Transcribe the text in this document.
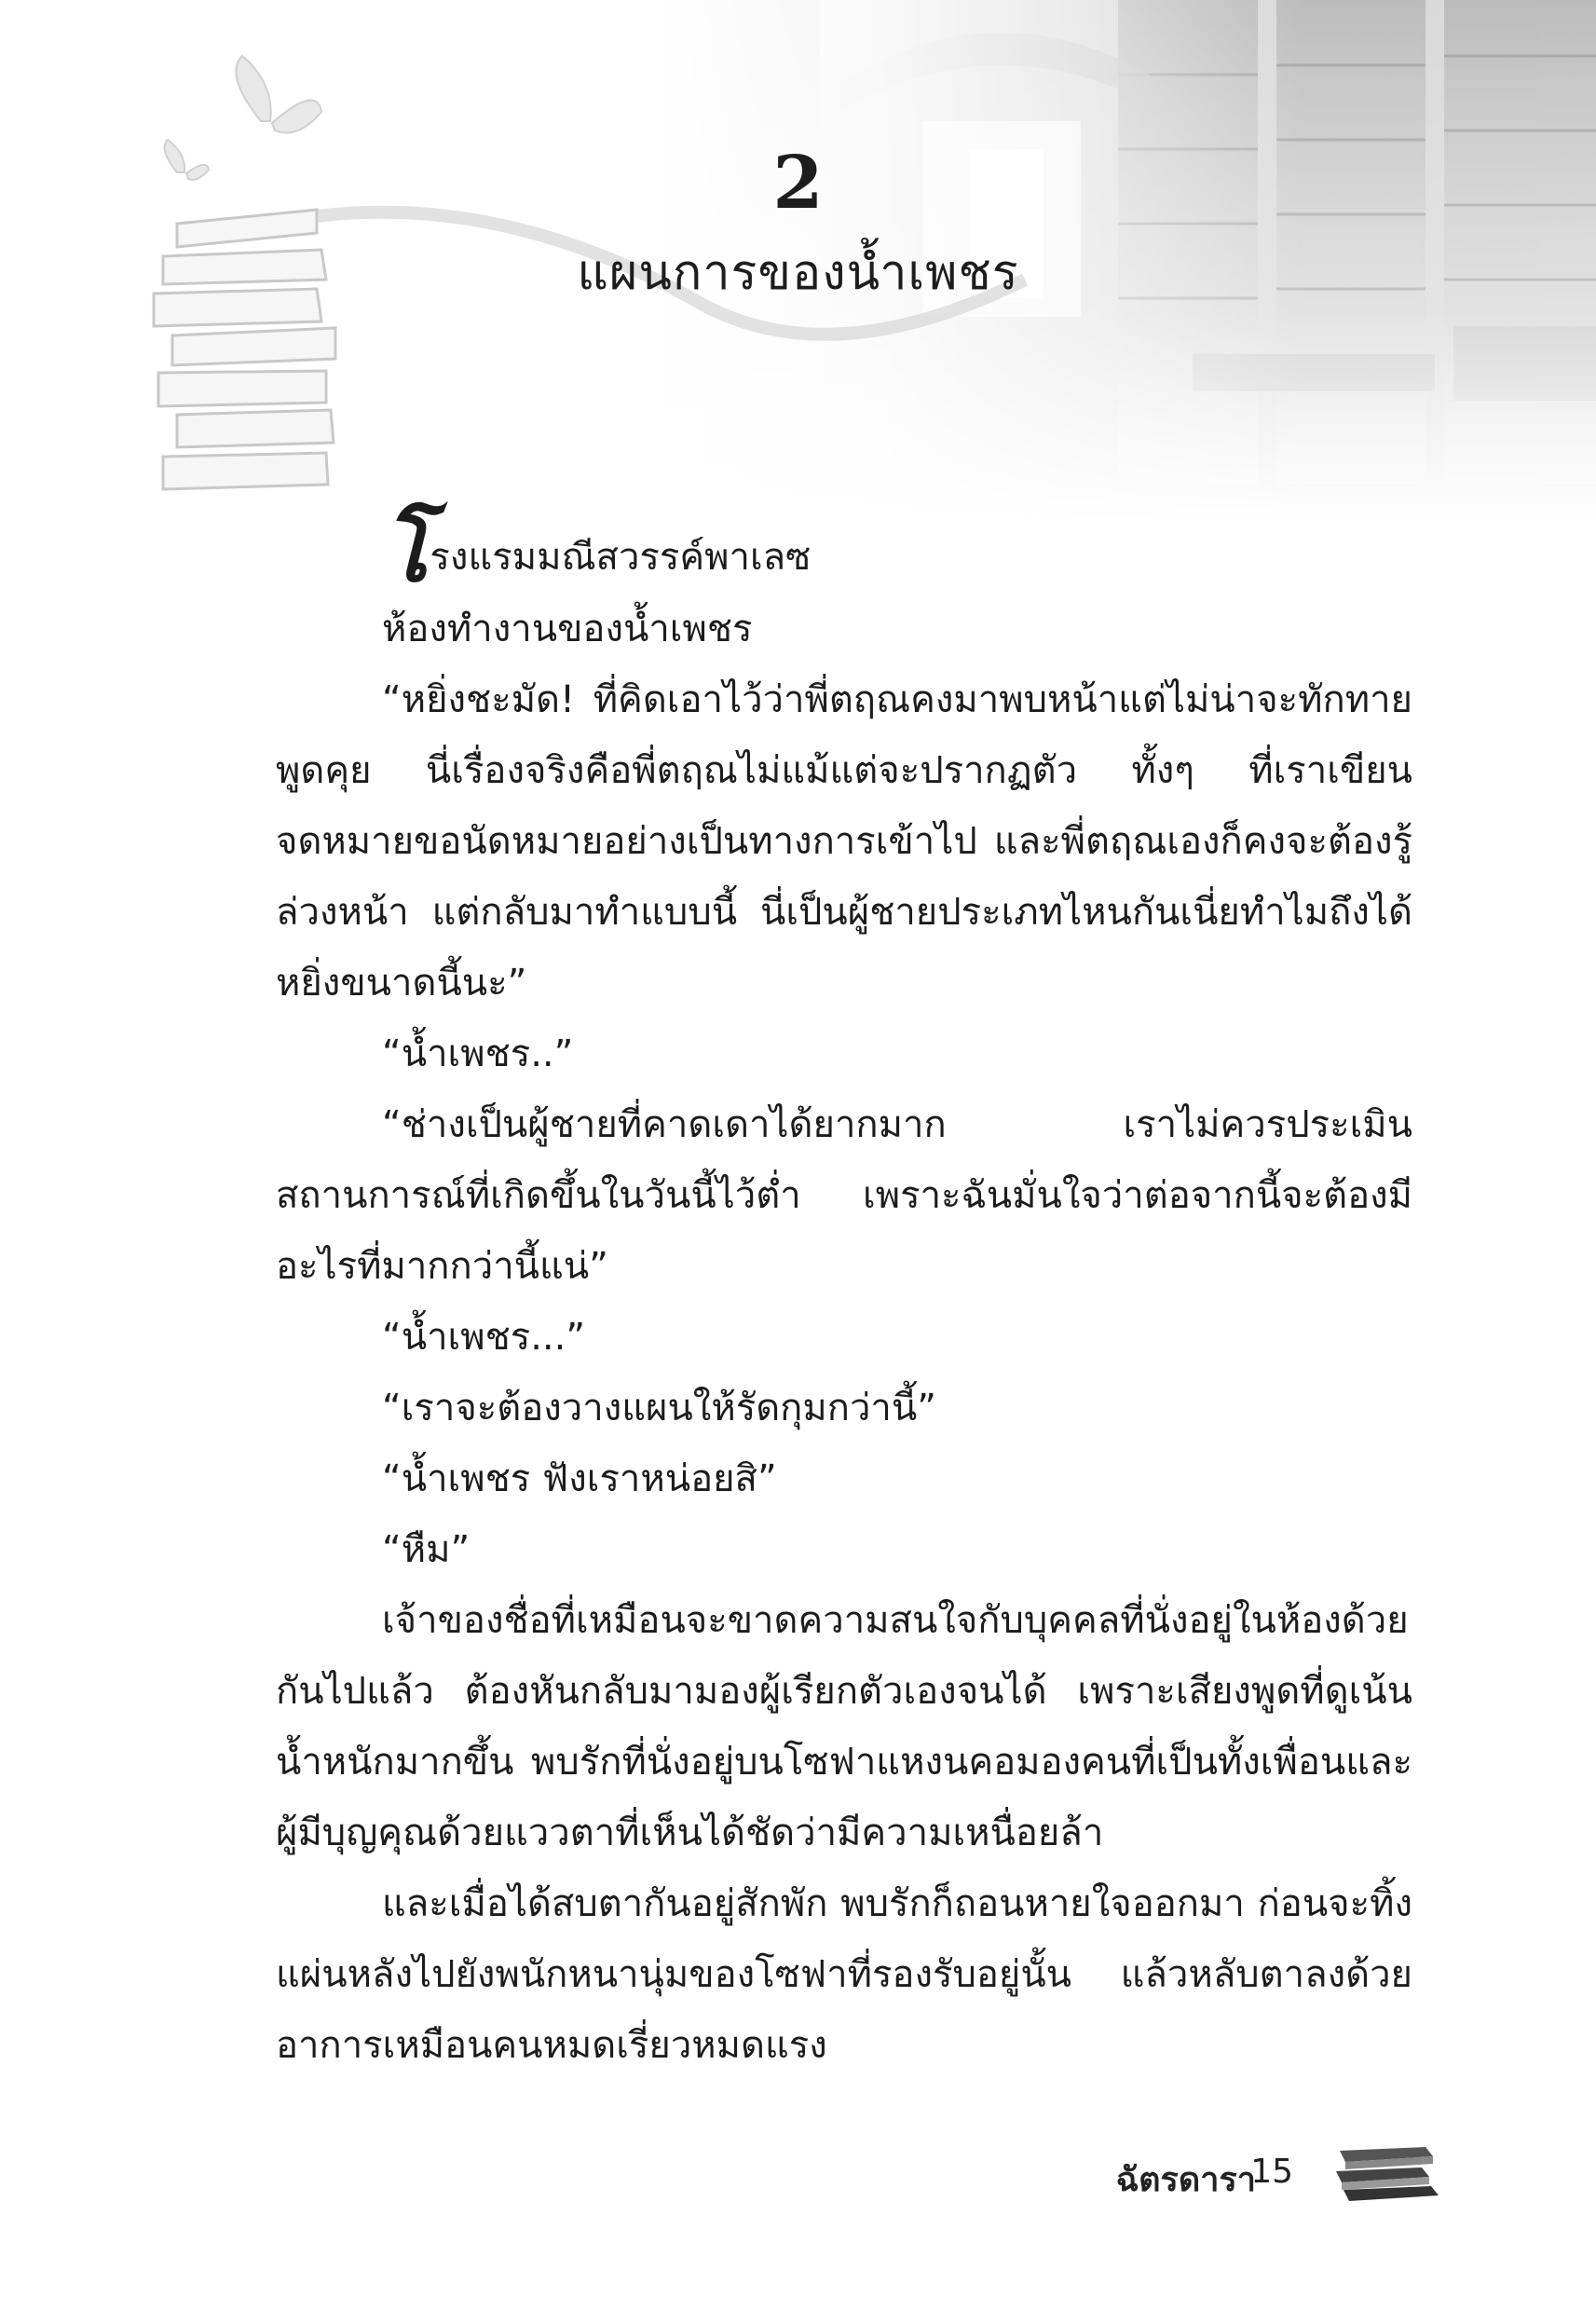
2
แผนการของน้ำเพชร

โรงแรมมณีสวรรค์พาเลซ

ห้องทำงานของน้ำเพชร

“หยิ่งชะมัด! ที่คิดเอาไว้ว่าพี่ตฤณคงมาพบหน้าแต่ไม่น่าจะทักทายพูดคุย นี่เรื่องจริงคือพี่ตฤณไม่แม้แต่จะปรากฏตัว ทั้งๆ ที่เราเขียนจดหมายขอนัดหมายอย่างเป็นทางการเข้าไป และพี่ตฤณเองก็คงจะต้องรู้ล่วงหน้า แต่กลับมาทำแบบนี้ นี่เป็นผู้ชายประเภทไหนกันเนี่ยทำไมถึงได้หยิ่งขนาดนี้นะ”

“น้ำเพชร..”

“ช่างเป็นผู้ชายที่คาดเดาได้ยากมาก เราไม่ควรประเมินสถานการณ์ที่เกิดขึ้นในวันนี้ไว้ต่ำ เพราะฉันมั่นใจว่าต่อจากนี้จะต้องมีอะไรที่มากกว่านี้แน่”

“น้ำเพชร...”

“เราจะต้องวางแผนให้รัดกุมกว่านี้”

“น้ำเพชร ฟังเราหน่อยสิ”

“หืม”

เจ้าของชื่อที่เหมือนจะขาดความสนใจกับบุคคลที่นั่งอยู่ในห้องด้วยกันไปแล้ว ต้องหันกลับมามองผู้เรียกตัวเองจนได้ เพราะเสียงพูดที่ดูเน้นน้ำหนักมากขึ้น พบรักที่นั่งอยู่บนโซฟาแหงนคอมองคนที่เป็นทั้งเพื่อนและผู้มีบุญคุณด้วยแววตาที่เห็นได้ชัดว่ามีความเหนื่อยล้า

และเมื่อได้สบตากันอยู่สักพัก พบรักก็ถอนหายใจออกมา ก่อนจะทิ้งแผ่นหลังไปยังพนักหนานุ่มของโซฟาที่รองรับอยู่นั้น แล้วหลับตาลงด้วยอาการเหมือนคนหมดเรี่ยวหมดแรง

ฉัตรดารา
15
